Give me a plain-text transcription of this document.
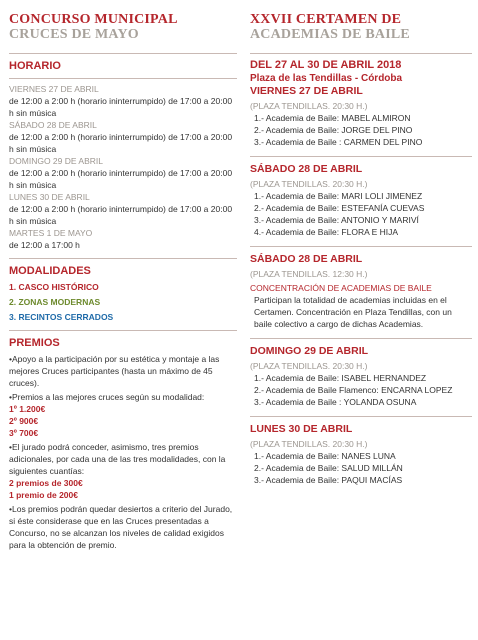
CONCURSO MUNICIPAL
CRUCES DE MAYO
HORARIO
VIERNES 27 DE ABRIL
de 12:00 a 2:00 h (horario ininterrumpido) de 17:00 a 20:00 h sin música
SÁBADO 28 DE ABRIL
de 12:00 a 2:00 h (horario ininterrumpido) de 17:00 a 20:00 h sin música
DOMINGO 29 DE ABRIL
de 12:00 a 2:00 h (horario ininterrumpido) de 17:00 a 20:00 h sin música
LUNES 30 DE ABRIL
de 12:00 a 2:00 h (horario ininterrumpido) de 17:00 a 20:00 h sin música
MARTES 1 DE MAYO
de 12:00 a 17:00 h
MODALIDADES
1. CASCO HISTÓRICO
2. ZONAS MODERNAS
3. RECINTOS CERRADOS
PREMIOS
• Apoyo a la participación por su estética y montaje a las mejores Cruces participantes (hasta un máximo de 45 cruces).
• Premios a las mejores cruces según su modalidad:
1º 1.200€
2º 900€
3º 700€
• El jurado podrá conceder, asimismo, tres premios adicionales, por cada una de las tres modalidades, con la siguientes cuantías:
2 premios de 300€
1 premio de 200€
• Los premios podrán quedar desiertos a criterio del Jurado, si éste considerase que en las Cruces presentadas a Concurso, no se alcanzan los niveles de calidad exigidos para la obtención de premio.
XXVII CERTAMEN DE
ACADEMIAS DE BAILE
DEL 27 AL 30 DE ABRIL 2018
Plaza de las Tendillas - Córdoba
VIERNES 27 DE ABRIL
(PLAZA TENDILLAS. 20:30 H.)
1.- Academia de Baile: MABEL ALMIRON
2.- Academia de Baile: JORGE DEL PINO
3.- Academia de Baile : CARMEN DEL PINO
SÁBADO 28 DE ABRIL
(PLAZA TENDILLAS. 20:30 H.)
1.- Academia de Baile: MARI LOLI JIMENEZ
2.- Academia de Baile: ESTEFANÍA CUEVAS
3.- Academia de Baile: ANTONIO Y MARIVÍ
4.- Academia de Baile: FLORA E HIJA
SÁBADO 28 DE ABRIL
(PLAZA TENDILLAS. 12:30 H.)
CONCENTRACIÓN DE ACADEMIAS DE BAILE
Participan la totalidad de academias incluidas en el Certamen. Concentración en Plaza Tendillas, con un baile colectivo a cargo de dichas Academias.
DOMINGO 29 DE ABRIL
(PLAZA TENDILLAS. 20:30 H.)
1.- Academia de Baile: ISABEL HERNANDEZ
2.- Academia de Baile Flamenco: ENCARNA LOPEZ
3.- Academia de Baile : YOLANDA OSUNA
LUNES 30 DE ABRIL
(PLAZA TENDILLAS. 20:30 H.)
1.- Academia de Baile: NANES LUNA
2.- Academia de Baile: SALUD MILLÁN
3.- Academia de Baile: PAQUI MACÍAS
